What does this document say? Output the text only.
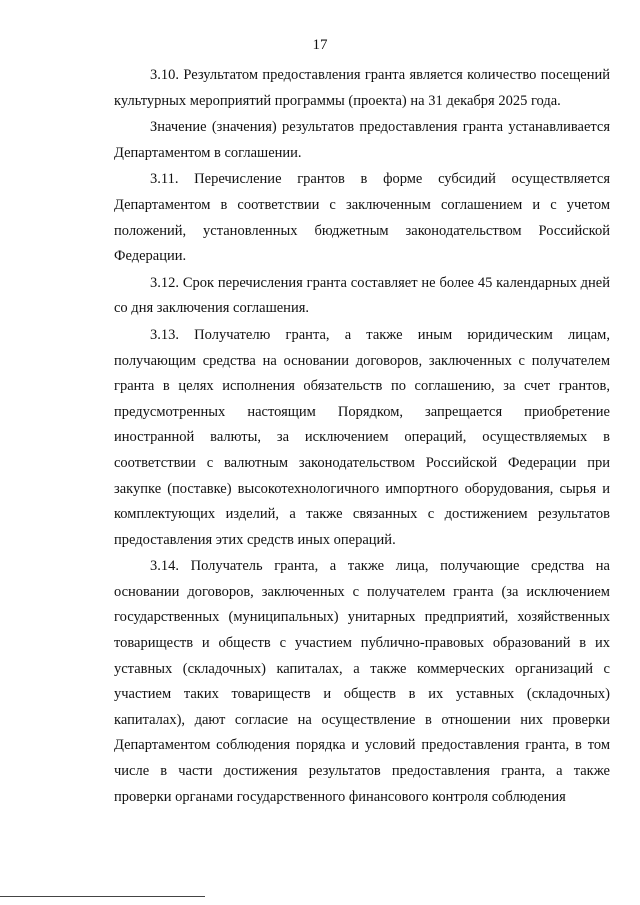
17

3.10. Результатом предоставления гранта является количество посещений культурных мероприятий программы (проекта) на 31 декабря 2025 года.

Значение (значения) результатов предоставления гранта устанавливается Департаментом в соглашении.

3.11. Перечисление грантов в форме субсидий осуществляется Департаментом в соответствии с заключенным соглашением и с учетом положений, установленных бюджетным законодательством Российской Федерации.

3.12. Срок перечисления гранта составляет не более 45 календарных дней со дня заключения соглашения.

3.13. Получателю гранта, а также иным юридическим лицам, получающим средства на основании договоров, заключенных с получателем гранта в целях исполнения обязательств по соглашению, за счет грантов, предусмотренных настоящим Порядком, запрещается приобретение иностранной валюты, за исключением операций, осуществляемых в соответствии с валютным законодательством Российской Федерации при закупке (поставке) высокотехнологичного импортного оборудования, сырья и комплектующих изделий, а также связанных с достижением результатов предоставления этих средств иных операций.

3.14. Получатель гранта, а также лица, получающие средства на основании договоров, заключенных с получателем гранта (за исключением государственных (муниципальных) унитарных предприятий, хозяйственных товариществ и обществ с участием публично-правовых образований в их уставных (складочных) капиталах, а также коммерческих организаций с участием таких товариществ и обществ в их уставных (складочных) капиталах), дают согласие на осуществление в отношении них проверки Департаментом соблюдения порядка и условий предоставления гранта, в том числе в части достижения результатов предоставления гранта, а также проверки органами государственного финансового контроля соблюдения
